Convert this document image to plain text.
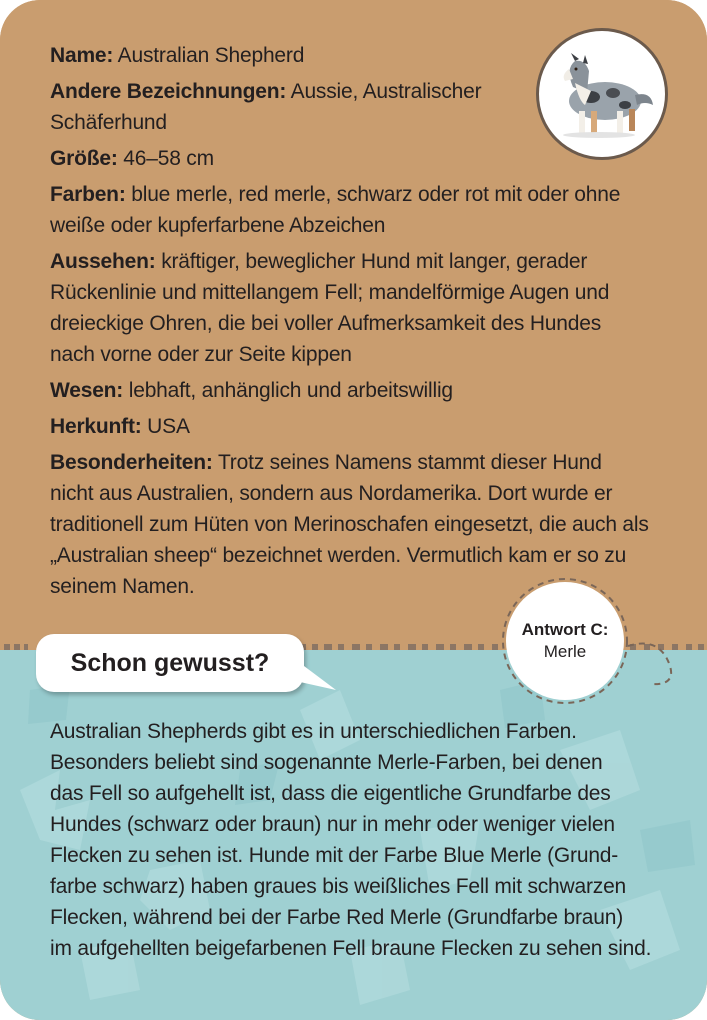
Name: Australian Shepherd

Andere Bezeichnungen: Aussie, Australischer Schäferhund

Größe: 46–58 cm

Farben: blue merle, red merle, schwarz oder rot mit oder ohne weiße oder kupferfarbene Abzeichen

Aussehen: kräftiger, beweglicher Hund mit langer, gerader Rückenlinie und mittellangem Fell; mandelförmige Augen und dreieckige Ohren, die bei voller Aufmerksamkeit des Hundes nach vorne oder zur Seite kippen

Wesen: lebhaft, anhänglich und arbeitswillig

Herkunft: USA

Besonderheiten: Trotz seines Namens stammt dieser Hund nicht aus Australien, sondern aus Nordamerika. Dort wurde er traditionell zum Hüten von Merinoschafen eingesetzt, die auch als „Australian sheep“ bezeichnet werden. Vermutlich kam er so zu seinem Namen.

Schon gewusst?
Antwort C:
Merle
Australian Shepherds gibt es in unterschiedlichen Farben.
Besonders beliebt sind sogenannte Merle-Farben, bei denen
das Fell so aufgehellt ist, dass die eigentliche Grundfarbe des
Hundes (schwarz oder braun) nur in mehr oder weniger vielen
Flecken zu sehen ist. Hunde mit der Farbe Blue Merle (Grund-
farbe schwarz) haben graues bis weißliches Fell mit schwarzen
Flecken, während bei der Farbe Red Merle (Grundfarbe braun)
im aufgehellten beigefarbenen Fell braune Flecken zu sehen sind.
